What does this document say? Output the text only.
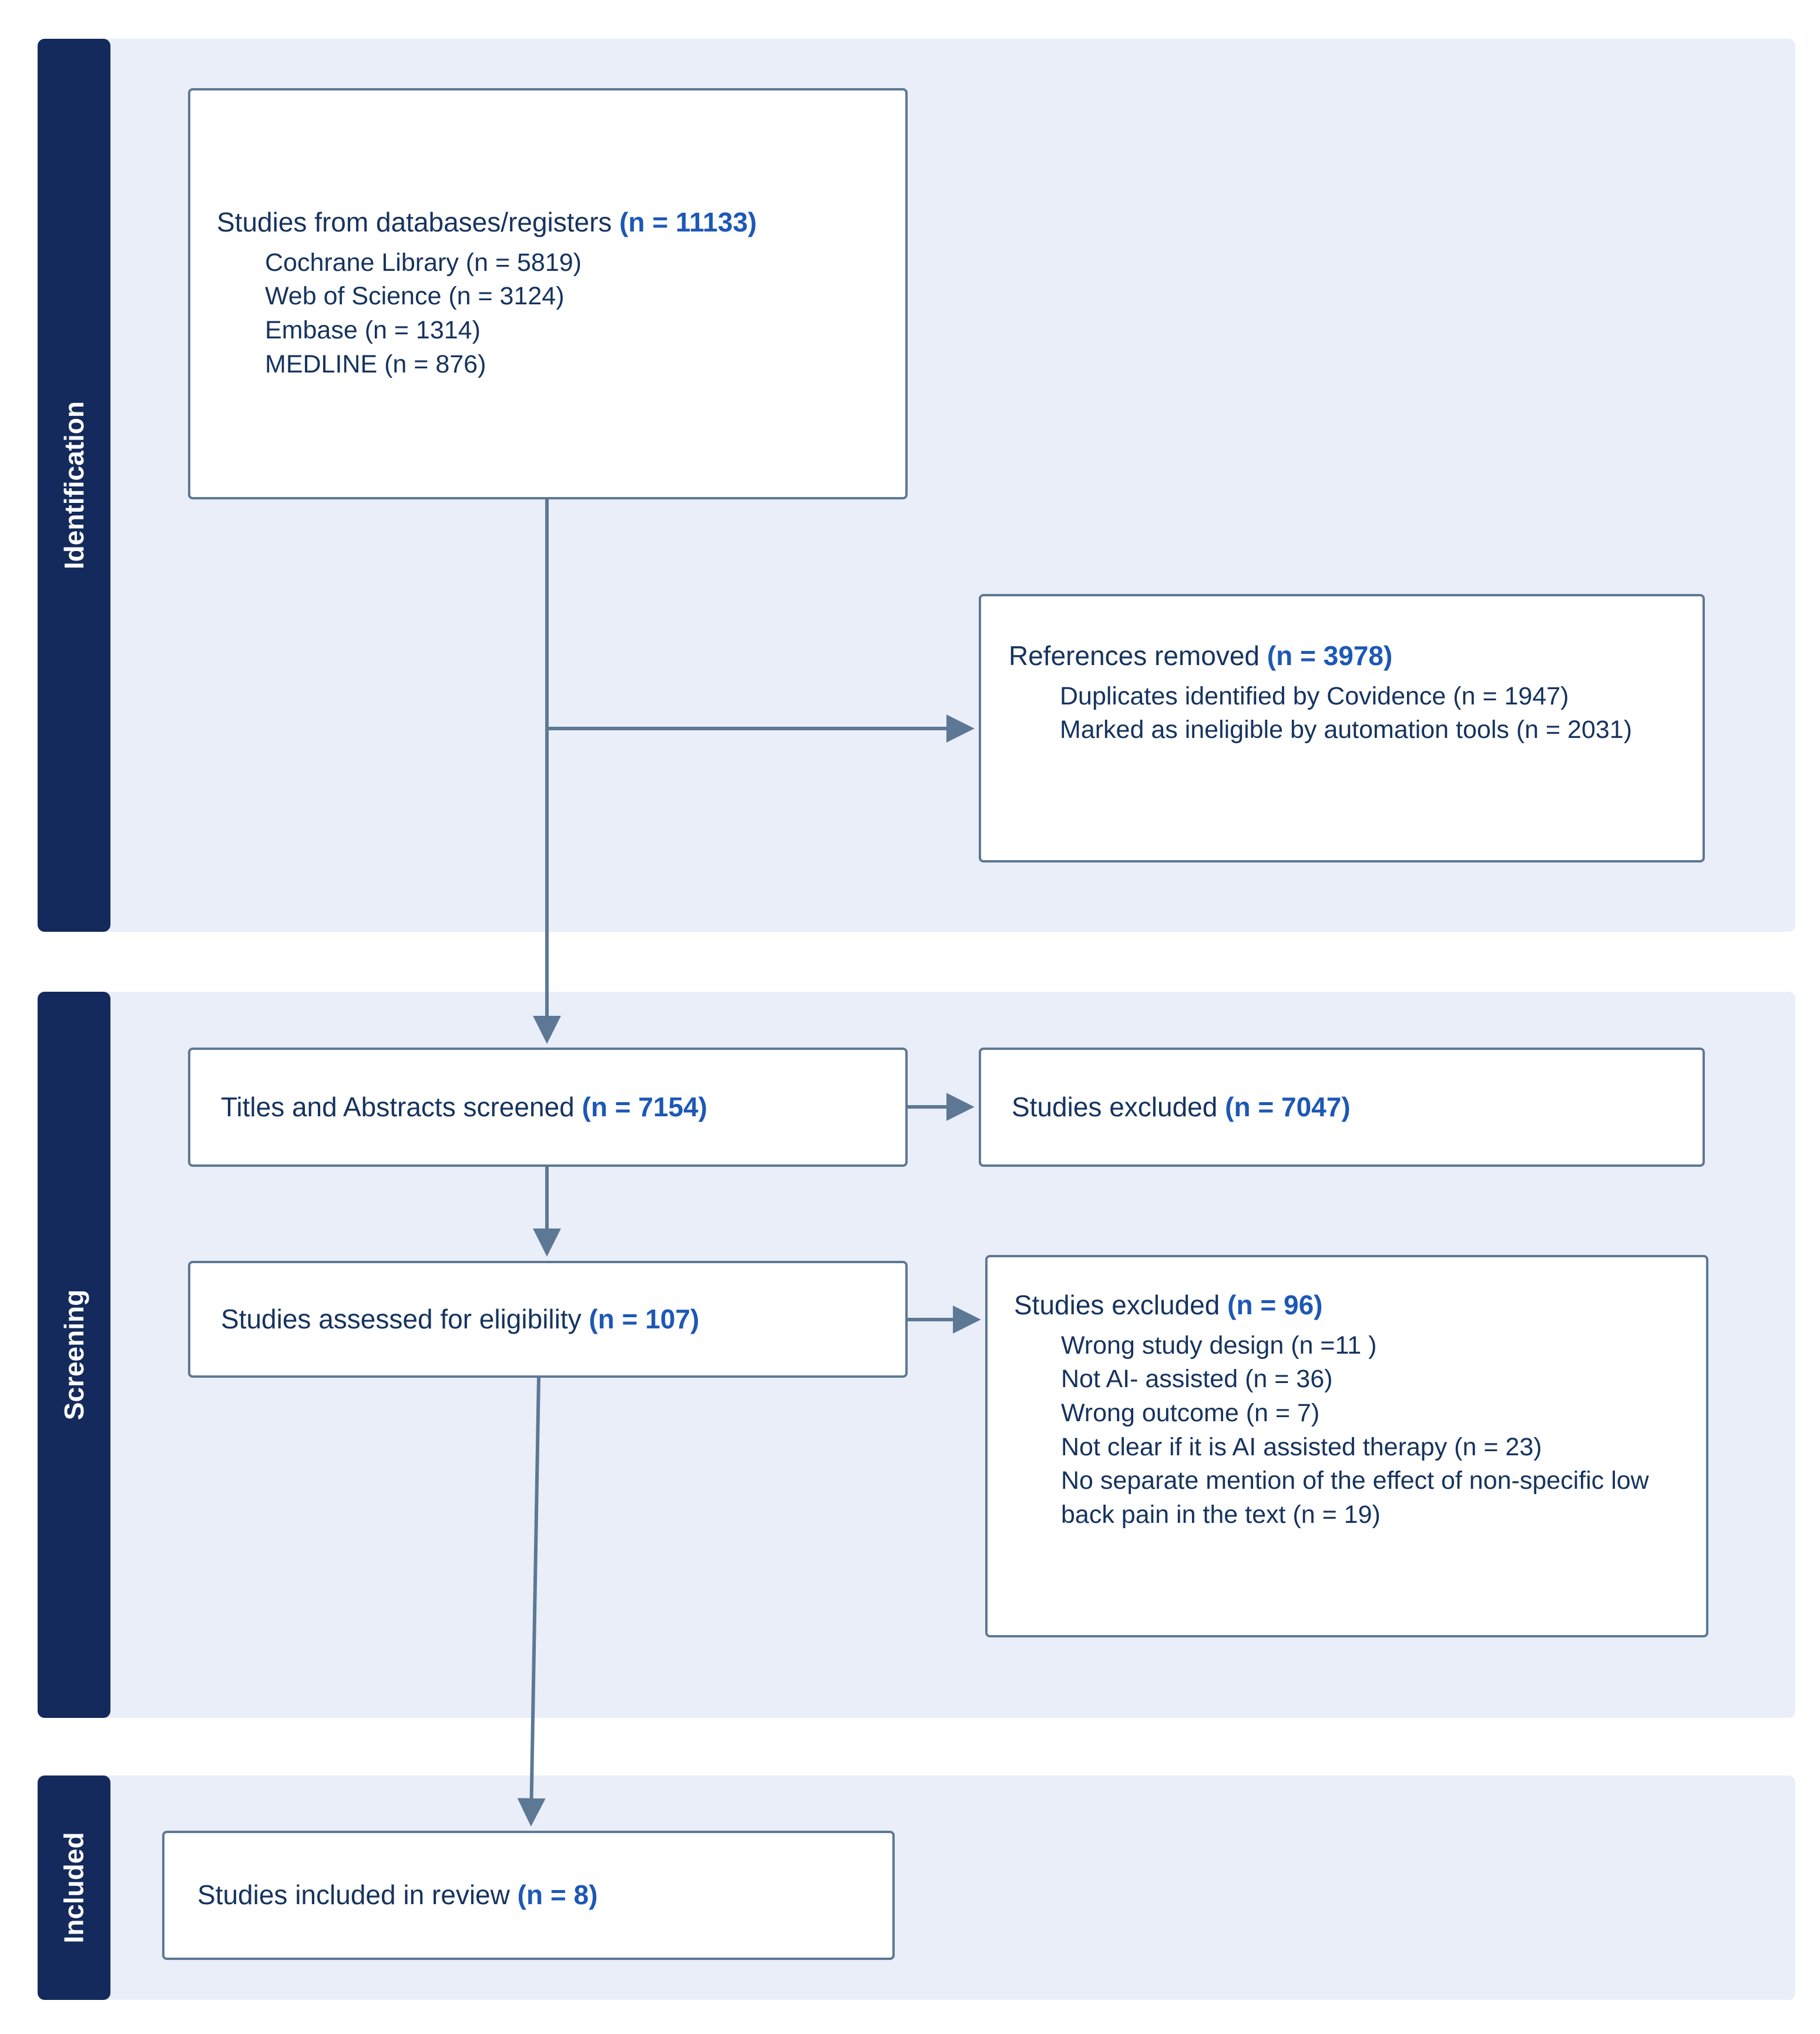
Identification
Screening
Included
Studies from databases/registers (n = 11133)
Cochrane Library (n = 5819)
Web of Science (n = 3124)
Embase (n = 1314)
MEDLINE (n = 876)
References removed (n = 3978)
Duplicates identified by Covidence (n = 1947)
Marked as ineligible by automation tools (n = 2031)
Titles and Abstracts screened (n = 7154)	Studies excluded (n = 7047)
Studies assessed for eligibility (n = 107)	Studies excluded (n = 96)
Wrong study design (n =11 )
Not AI- assisted (n = 36)
Wrong outcome (n = 7)
Not clear if it is AI assisted therapy (n = 23)
No separate mention of the effect of non-specific low back pain in the text (n = 19)
Studies included in review (n = 8)
